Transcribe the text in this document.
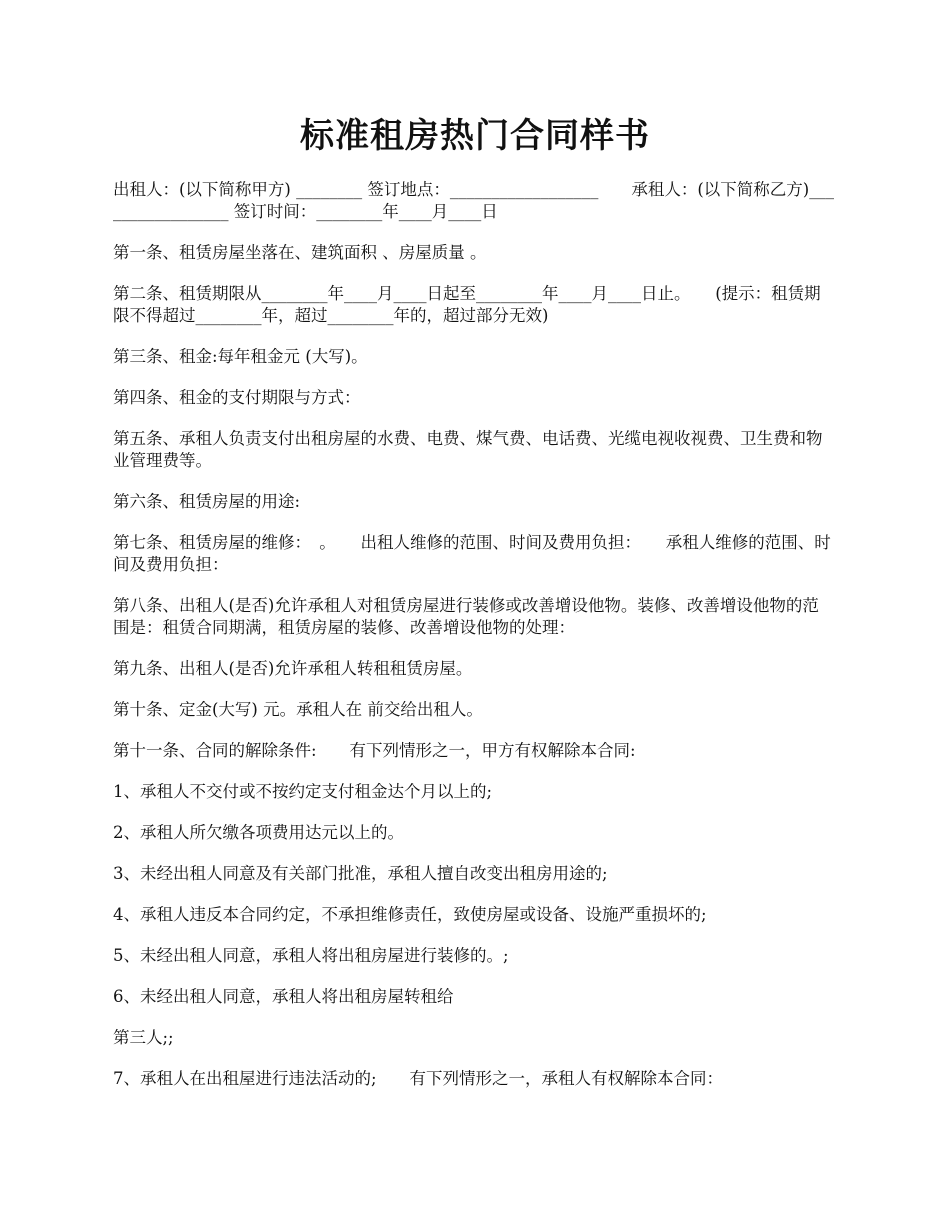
标准租房热门合同样书

出租人：(以下简称甲方) ________ 签订地点：__________________　　承租人：(以下简称乙方)_________________ 签订时间：________年____月____日

第一条、租赁房屋坐落在、建筑面积 、房屋质量 。

第二条、租赁期限从________年____月____日起至________年____月____日止。　　(提示：租赁期限不得超过________年，超过________年的，超过部分无效)

第三条、租金:每年租金元 (大写)。

第四条、租金的支付期限与方式：

第五条、承租人负责支付出租房屋的水费、电费、煤气费、电话费、光缆电视收视费、卫生费和物业管理费等。

第六条、租赁房屋的用途:

第七条、租赁房屋的维修：　。　　出租人维修的范围、时间及费用负担：　　承租人维修的范围、时间及费用负担：

第八条、出租人(是否)允许承租人对租赁房屋进行装修或改善增设他物。装修、改善增设他物的范围是：租赁合同期满，租赁房屋的装修、改善增设他物的处理：

第九条、出租人(是否)允许承租人转租租赁房屋。

第十条、定金(大写) 元。承租人在 前交给出租人。

第十一条、合同的解除条件:　　有下列情形之一，甲方有权解除本合同:

1、承租人不交付或不按约定支付租金达个月以上的;

2、承租人所欠缴各项费用达元以上的。

3、未经出租人同意及有关部门批准，承租人擅自改变出租房用途的;

4、承租人违反本合同约定，不承担维修责任，致使房屋或设备、设施严重损坏的;

5、未经出租人同意，承租人将出租房屋进行装修的。;

6、未经出租人同意，承租人将出租房屋转租给

第三人;;

7、承租人在出租屋进行违法活动的;　　有下列情形之一，承租人有权解除本合同：
